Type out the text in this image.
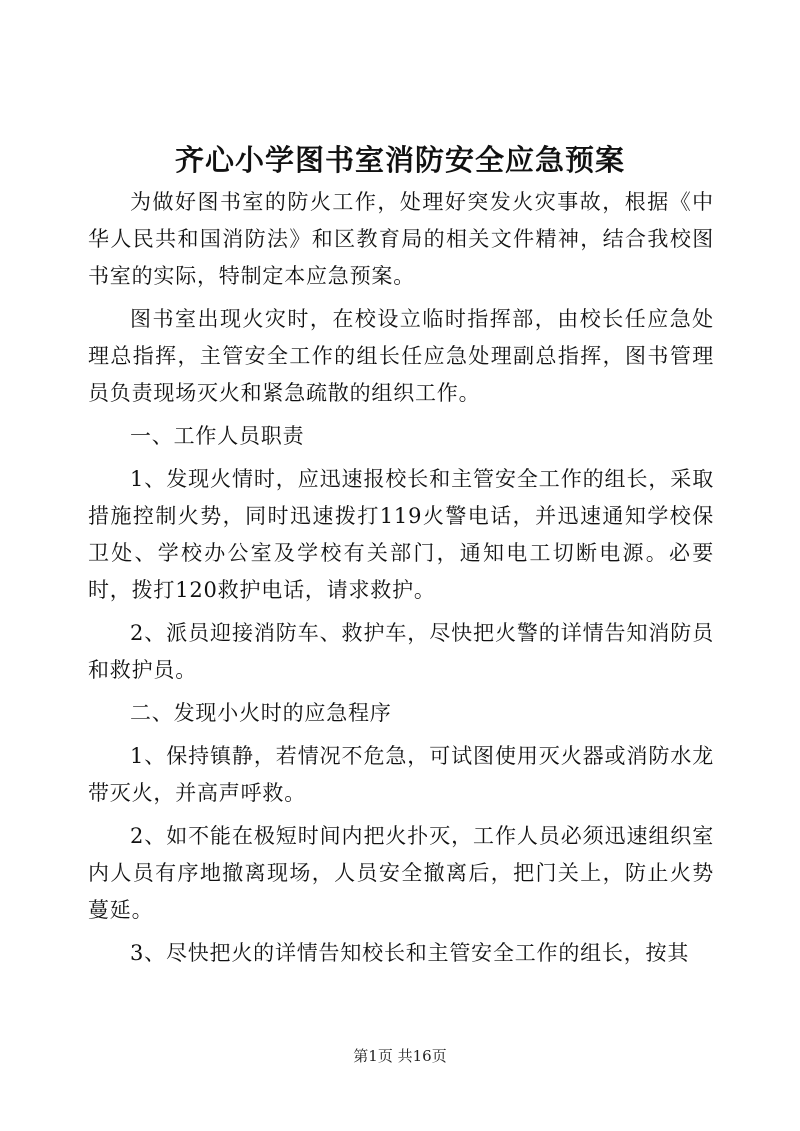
齐心小学图书室消防安全应急预案

为做好图书室的防火工作，处理好突发火灾事故，根据《中华人民共和国消防法》和区教育局的相关文件精神，结合我校图书室的实际，特制定本应急预案。

图书室出现火灾时，在校设立临时指挥部，由校长任应急处理总指挥，主管安全工作的组长任应急处理副总指挥，图书管理员负责现场灭火和紧急疏散的组织工作。

一、工作人员职责

1、发现火情时，应迅速报校长和主管安全工作的组长，采取措施控制火势，同时迅速拨打119火警电话，并迅速通知学校保卫处、学校办公室及学校有关部门，通知电工切断电源。必要时，拨打120救护电话，请求救护。

2、派员迎接消防车、救护车，尽快把火警的详情告知消防员和救护员。

二、发现小火时的应急程序

1、保持镇静，若情况不危急，可试图使用灭火器或消防水龙带灭火，并高声呼救。

2、如不能在极短时间内把火扑灭，工作人员必须迅速组织室内人员有序地撤离现场，人员安全撤离后，把门关上，防止火势蔓延。

3、尽快把火的详情告知校长和主管安全工作的组长，按其

第1页 共16页
